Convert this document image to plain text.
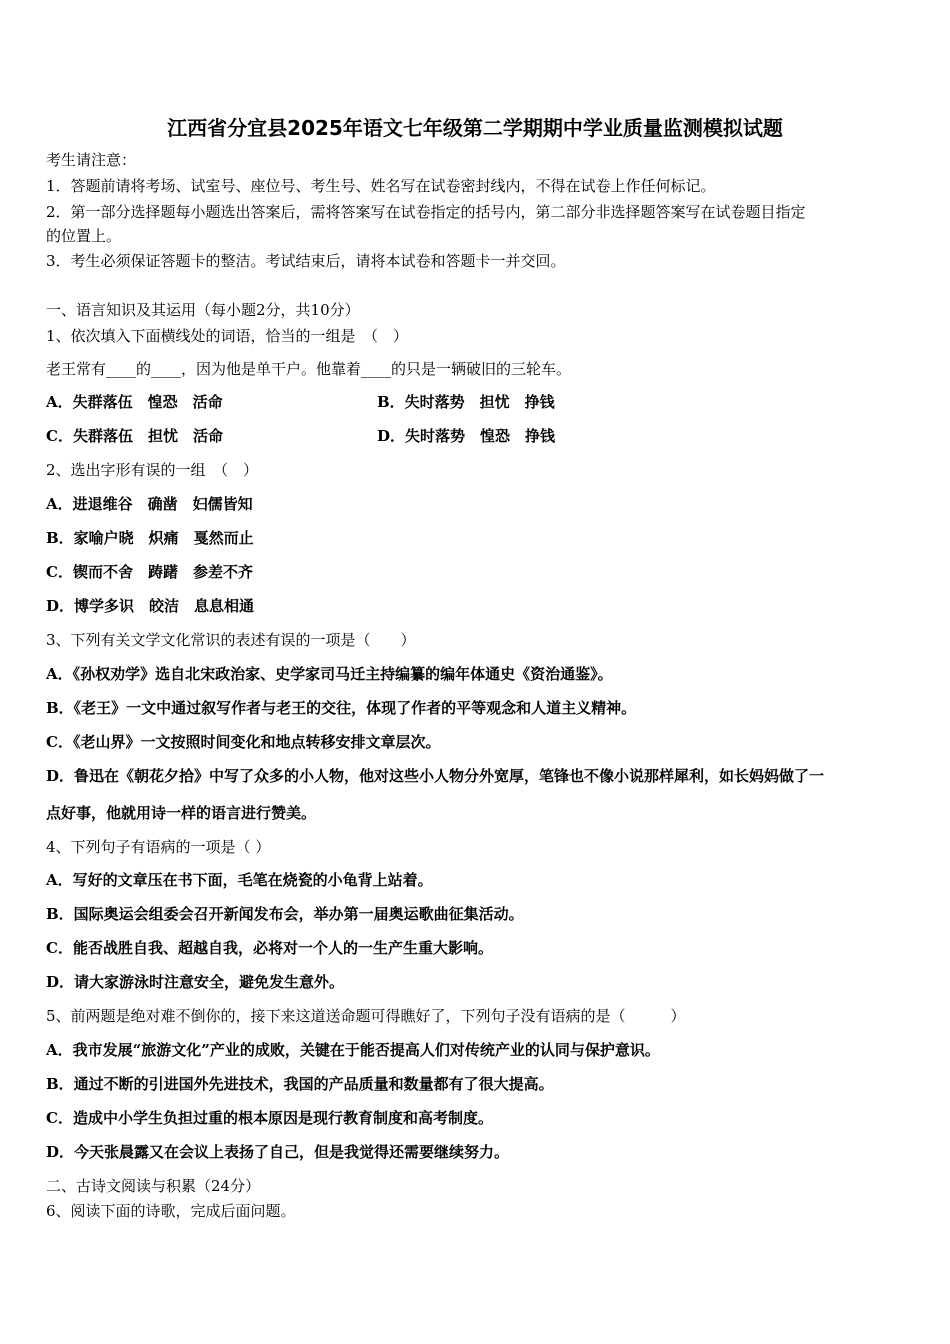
江西省分宜县2025年语文七年级第二学期期中学业质量监测模拟试题
考生请注意：
1．答题前请将考场、试室号、座位号、考生号、姓名写在试卷密封线内，不得在试卷上作任何标记。
2．第一部分选择题每小题选出答案后，需将答案写在试卷指定的括号内，第二部分非选择题答案写在试卷题目指定
的位置上。
3．考生必须保证答题卡的整洁。考试结束后，请将本试卷和答题卡一并交回。
一、语言知识及其运用（每小题2分，共10分）
1、依次填入下面横线处的词语，恰当的一组是　（　）
老王常有____的____，因为他是单干户。他靠着____的只是一辆破旧的三轮车。
A．失群落伍　惶恐　活命	B．失时落势　担忧　挣钱
C．失群落伍　担忧　活命	D．失时落势　惶恐　挣钱
2、选出字形有误的一组　（　）
A．进退维谷　确凿　妇儒皆知
B．家喻户晓　炽痛　戛然而止
C．锲而不舍　踌躇　参差不齐
D．博学多识　皎洁　息息相通
3、下列有关文学文化常识的表述有误的一项是（　　）
A．《孙权劝学》选自北宋政治家、史学家司马迁主持编纂的编年体通史《资治通鉴》。
B．《老王》一文中通过叙写作者与老王的交往，体现了作者的平等观念和人道主义精神。
C．《老山界》一文按照时间变化和地点转移安排文章层次。
D．鲁迅在《朝花夕拾》中写了众多的小人物，他对这些小人物分外宽厚，笔锋也不像小说那样犀利，如长妈妈做了一
点好事，他就用诗一样的语言进行赞美。
4、下列句子有语病的一项是（ ）
A．写好的文章压在书下面，毛笔在烧瓷的小龟背上站着。
B．国际奥运会组委会召开新闻发布会，举办第一届奥运歌曲征集活动。
C．能否战胜自我、超越自我，必将对一个人的一生产生重大影响。
D．请大家游泳时注意安全，避免发生意外。
5、前两题是绝对难不倒你的，接下来这道送命题可得瞧好了，下列句子没有语病的是（　　　）
A．我市发展“旅游文化”产业的成败，关键在于能否提高人们对传统产业的认同与保护意识。
B．通过不断的引进国外先进技术，我国的产品质量和数量都有了很大提高。
C．造成中小学生负担过重的根本原因是现行教育制度和高考制度。
D．今天张晨露又在会议上表扬了自己，但是我觉得还需要继续努力。
二、古诗文阅读与积累（24分）
6、阅读下面的诗歌，完成后面问题。
